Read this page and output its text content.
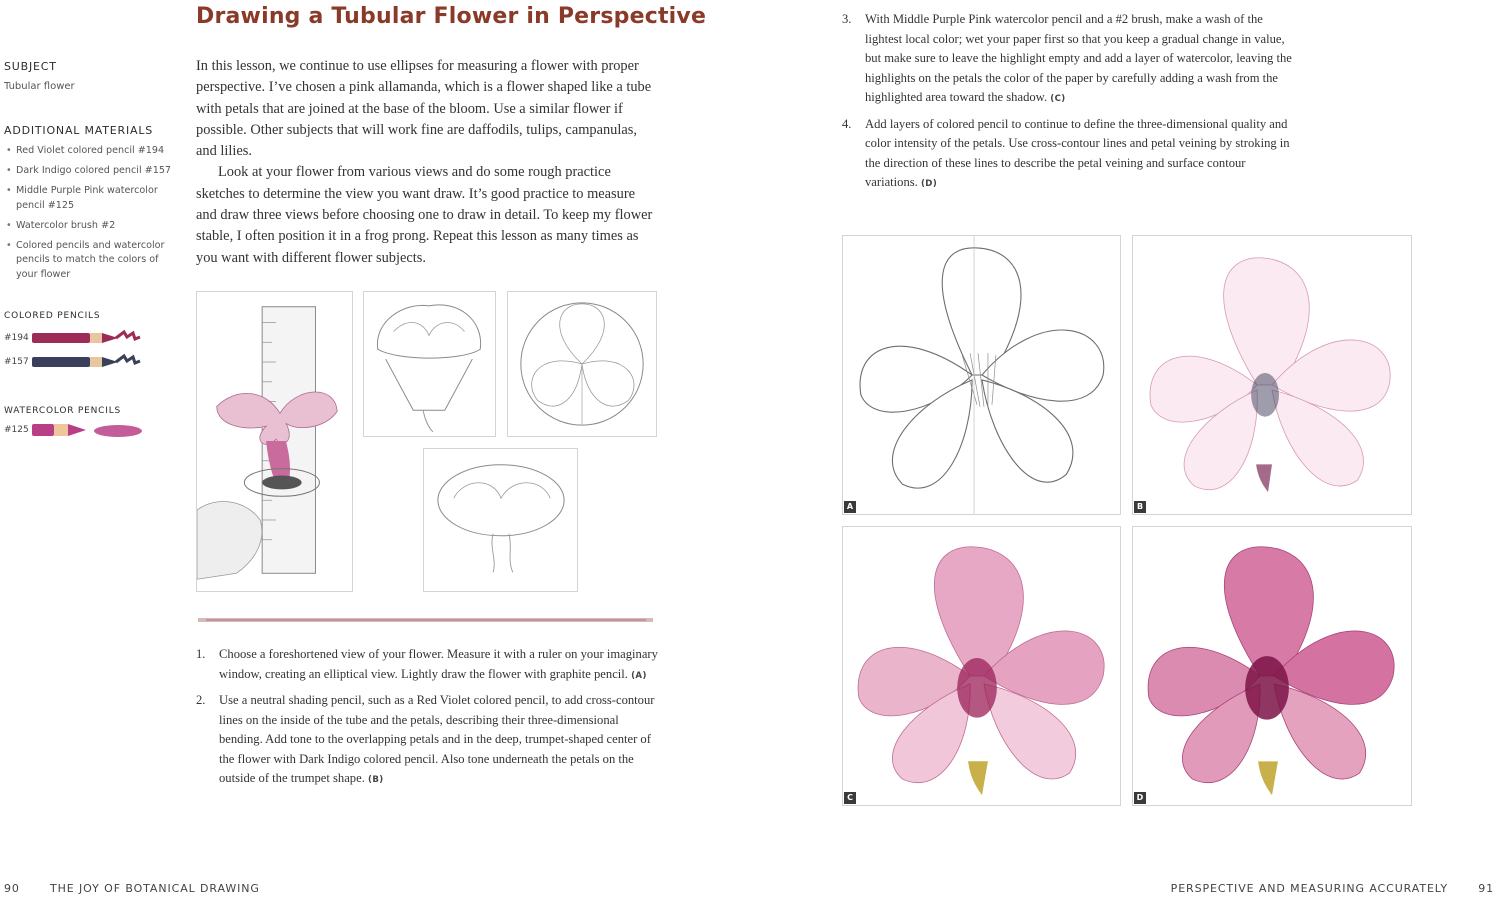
SUBJECT
Tubular flower
ADDITIONAL MATERIALS
• Red Violet colored pencil #194
• Dark Indigo colored pencil #157
• Middle Purple Pink watercolor pencil #125
• Watercolor brush #2
• Colored pencils and watercolor pencils to match the colors of your flower
COLORED PENCILS
#194
#157
WATERCOLOR PENCILS
#125
Drawing a Tubular Flower in Perspective

In this lesson, we continue to use ellipses for measuring a flower with proper perspective. I’ve chosen a pink allamanda, which is a flower shaped like a tube with petals that are joined at the base of the bloom. Use a similar flower if possible. Other subjects that will work fine are daffodils, tulips, campanulas, and lilies.

Look at your flower from various views and do some rough practice sketches to determine the view you want draw. It’s good practice to measure and draw three views before choosing one to draw in detail. To keep my flower stable, I often position it in a frog prong. Repeat this lesson as many times as you want with different flower subjects.

1. Choose a foreshortened view of your flower. Measure it with a ruler on your imaginary window, creating an elliptical view. Lightly draw the flower with graphite pencil. (A)
2. Use a neutral shading pencil, such as a Red Violet colored pencil, to add cross-contour lines on the inside of the tube and the petals, describing their three-dimensional bending. Add tone to the overlapping petals and in the deep, trumpet-shaped center of the flower with Dark Indigo colored pencil. Also tone underneath the petals on the outside of the trumpet shape. (B)
3. With Middle Purple Pink watercolor pencil and a #2 brush, make a wash of the lightest local color; wet your paper first so that you keep a gradual change in value, but make sure to leave the highlight empty and add a layer of watercolor, leaving the highlights on the petals the color of the paper by carefully adding a wash from the highlighted area toward the shadow. (C)
4. Add layers of colored pencil to continue to define the three-dimensional quality and color intensity of the petals. Use cross-contour lines and petal veining by stroking in the direction of these lines to describe the petal veining and surface contour variations. (D)
A	B
C	D
90	THE JOY OF BOTANICAL DRAWING	PERSPECTIVE AND MEASURING ACCURATELY	91
